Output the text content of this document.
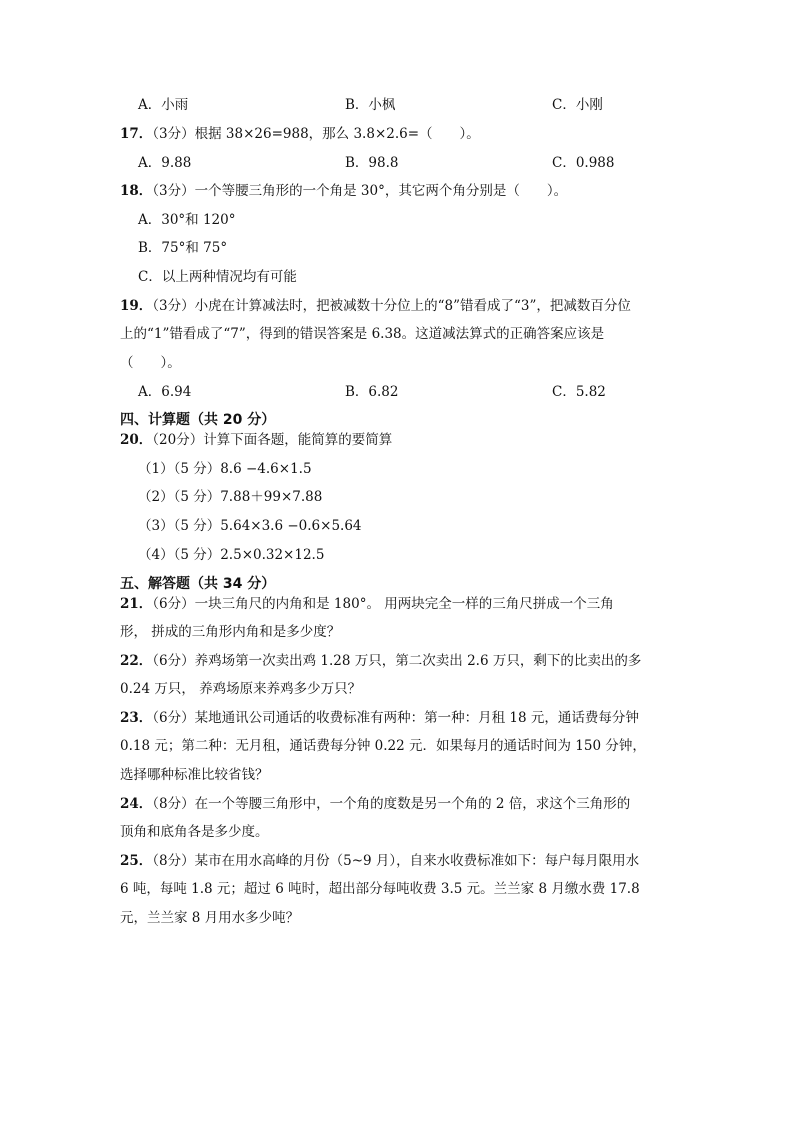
A．小雨	B．小枫	C．小刚
17．（3分）根据 38×26=988，那么 3.8×2.6=（　　）。
A．9.88	B．98.8	C．0.988
18．（3分）一个等腰三角形的一个角是 30°，其它两个角分别是（　　）。
A．30°和 120°
B．75°和 75°
C．以上两种情况均有可能
19．（3分）小虎在计算减法时，把被减数十分位上的“8”错看成了“3”，把减数百分位
上的“1”错看成了“7”，得到的错误答案是 6.38。这道减法算式的正确答案应该是
（　　）。
A．6.94	B．6.82	C．5.82
四、计算题（共 20 分）
20．（20分）计算下面各题，能简算的要简算
（1）（5 分）8.6 −4.6×1.5
（2）（5 分）7.88＋99×7.88
（3）（5 分）5.64×3.6 −0.6×5.64
（4）（5 分）2.5×0.32×12.5
五、解答题（共 34 分）
21．（6分）一块三角尺的内角和是 180°。 用两块完全一样的三角尺拼成一个三角
形， 拼成的三角形内角和是多少度？
22．（6分）养鸡场第一次卖出鸡 1.28 万只，第二次卖出 2.6 万只，剩下的比卖出的多
0.24 万只， 养鸡场原来养鸡多少万只？
23．（6分）某地通讯公司通话的收费标准有两种：第一种：月租 18 元，通话费每分钟
0.18 元；第二种：无月租，通话费每分钟 0.22 元．如果每月的通话时间为 150 分钟，
选择哪种标准比较省钱？
24．（8分）在一个等腰三角形中，一个角的度数是另一个角的 2 倍，求这个三角形的
顶角和底角各是多少度。
25．（8分）某市在用水高峰的月份（5~9 月），自来水收费标准如下：每户每月限用水
6 吨，每吨 1.8 元；超过 6 吨时，超出部分每吨收费 3.5 元。兰兰家 8 月缴水费 17.8
元，兰兰家 8 月用水多少吨？
